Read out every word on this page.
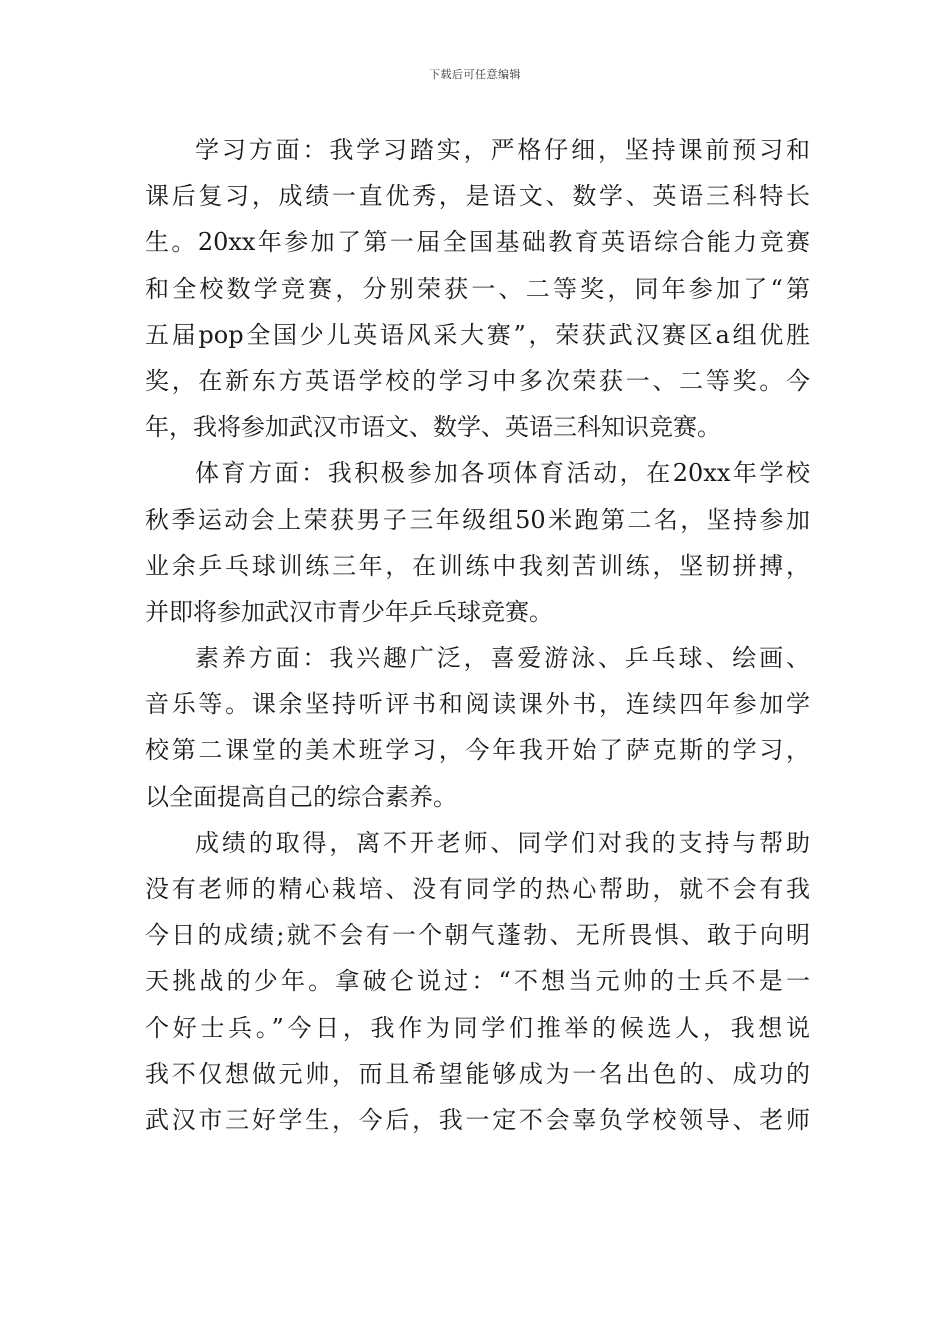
下载后可任意编辑
学习方面：我学习踏实，严格仔细，坚持课前预习和
课后复习，成绩一直优秀，是语文、数学、英语三科特长
生。20xx年参加了第一届全国基础教育英语综合能力竞赛
和全校数学竞赛，分别荣获一、二等奖，同年参加了“第
五届pop全国少儿英语风采大赛”，荣获武汉赛区a组优胜
奖，在新东方英语学校的学习中多次荣获一、二等奖。今
年，我将参加武汉市语文、数学、英语三科知识竞赛。
体育方面：我积极参加各项体育活动，在20xx年学校
秋季运动会上荣获男子三年级组50米跑第二名，坚持参加
业余乒乓球训练三年，在训练中我刻苦训练，坚韧拼搏，
并即将参加武汉市青少年乒乓球竞赛。
素养方面：我兴趣广泛，喜爱游泳、乒乓球、绘画、
音乐等。课余坚持听评书和阅读课外书，连续四年参加学
校第二课堂的美术班学习，今年我开始了萨克斯的学习，
以全面提高自己的综合素养。
成绩的取得，离不开老师、同学们对我的支持与帮助
没有老师的精心栽培、没有同学的热心帮助，就不会有我
今日的成绩;就不会有一个朝气蓬勃、无所畏惧、敢于向明
天挑战的少年。拿破仑说过：“不想当元帅的士兵不是一
个好士兵。”今日，我作为同学们推举的候选人，我想说
我不仅想做元帅，而且希望能够成为一名出色的、成功的
武汉市三好学生，今后，我一定不会辜负学校领导、老师
